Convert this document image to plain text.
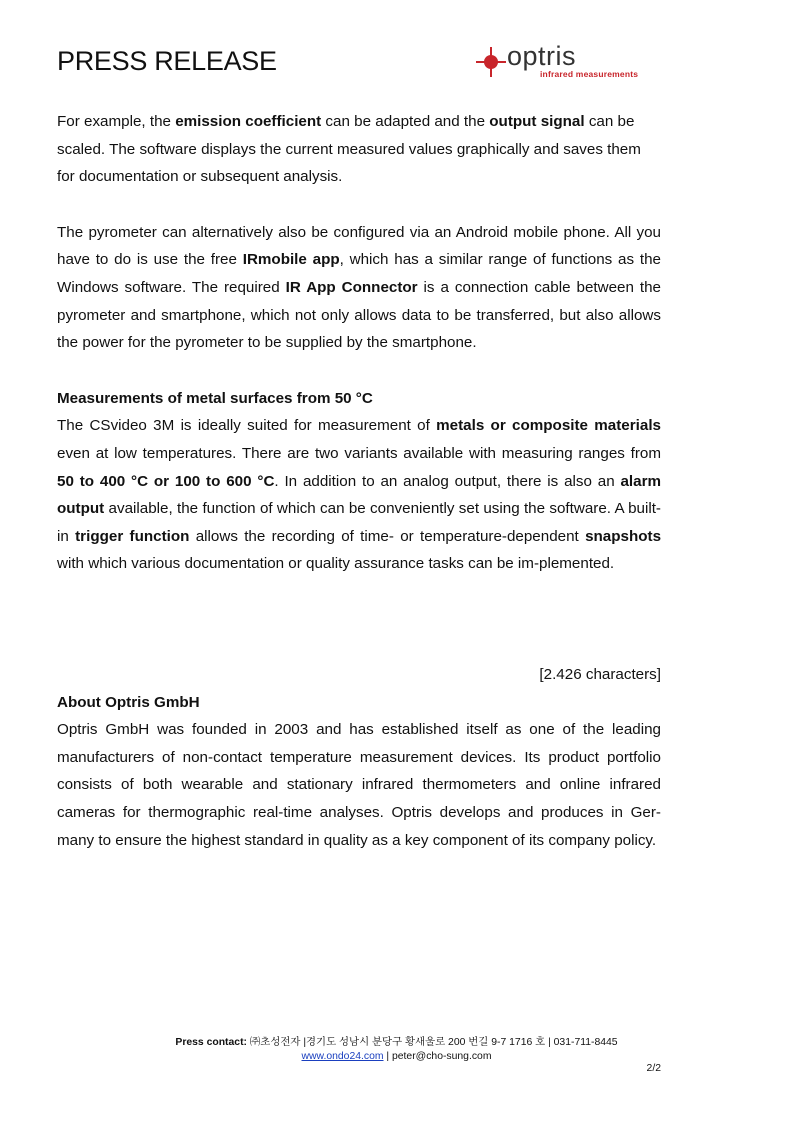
PRESS RELEASE	optris
infrared measurements

For example, the emission coefficient can be adapted and the output signal can be scaled. The software displays the current measured values graphically and saves them for documentation or subsequent analysis.

The pyrometer can alternatively also be configured via an Android mobile phone. All you have to do is use the free IRmobile app, which has a similar range of functions as the Windows software. The required IR App Connector is a connection cable between the pyrometer and smartphone, which not only allows data to be transferred, but also allows the power for the pyrometer to be supplied by the smartphone.

Measurements of metal surfaces from 50 °C

The CSvideo 3M is ideally suited for measurement of metals or composite materials even at low temperatures. There are two variants available with measuring ranges from 50 to 400 °C or 100 to 600 °C. In addition to an analog output, there is also an alarm output available, the function of which can be conveniently set using the software. A built-in trigger function allows the recording of time- or temperature-dependent snapshots with which various documentation or quality assurance tasks can be im-plemented.

[2.426 characters]

About Optris GmbH

Optris GmbH was founded in 2003 and has established itself as one of the leading manufacturers of non-contact temperature measurement devices. Its product portfolio consists of both wearable and stationary infrared thermometers and online infrared cameras for thermographic real-time analyses. Optris develops and produces in Ger-many to ensure the highest standard in quality as a key component of its company policy.

Press contact: ㈜초성전자 |경기도 성남시 분당구 황새울로 200 번길 9-7 1716 호 | 031-711-8445
www.ondo24.com | peter@cho-sung.com
2/2
